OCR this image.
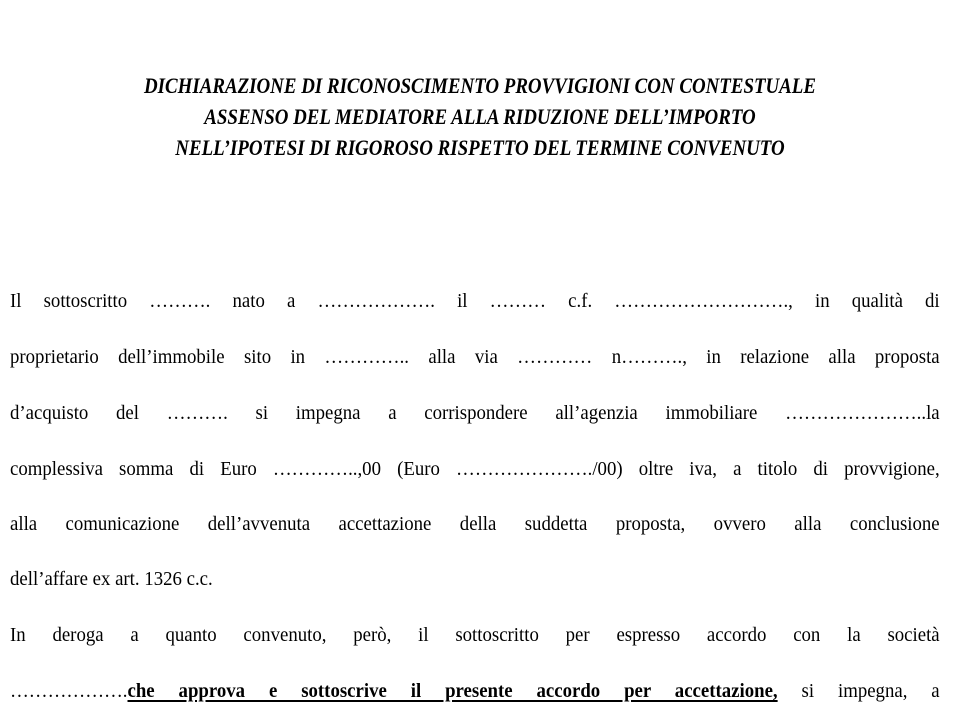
DICHIARAZIONE DI RICONOSCIMENTO PROVVIGIONI CON CONTESTUALE
ASSENSO DEL MEDIATORE ALLA RIDUZIONE DELL’IMPORTO
NELL’IPOTESI DI RIGOROSO RISPETTO DEL TERMINE CONVENUTO
Il sottoscritto ………. nato a ………………. il ……… c.f. ………………………., in qualità di
proprietario dell’immobile sito in ………….. alla via ………… n………., in relazione alla proposta
d’acquisto del ………. si impegna a corrispondere all’agenzia immobiliare …………………..la
complessiva somma di Euro …………..,00 (Euro …………………./00) oltre iva, a titolo di provvigione,
alla comunicazione dell’avvenuta accettazione della suddetta proposta, ovvero alla conclusione
dell’affare ex art. 1326 c.c.
In deroga a quanto convenuto, però, il sottoscritto per espresso accordo con la società
……………….che approva e sottoscrive il presente accordo per accettazione, si impegna, a
